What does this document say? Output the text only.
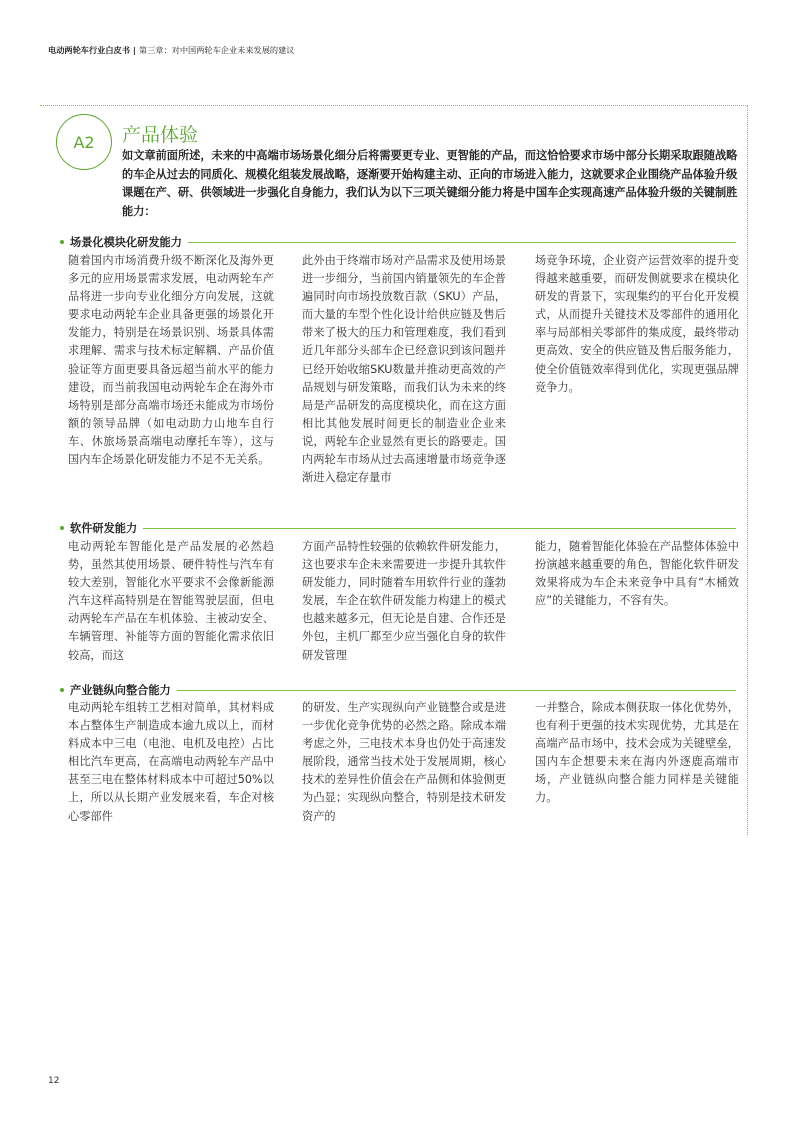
电动两轮车行业白皮书 | 第三章：对中国两轮车企业未来发展的建议
A2 产品体验

如文章前面所述，未来的中高端市场场景化细分后将需要更专业、更智能的产品，而这恰恰要求市场中部分长期采取跟随战略的车企从过去的同质化、规模化组装发展战略，逐渐要开始构建主动、正向的市场进入能力，这就要求企业围绕产品体验升级课题在产、研、供领域进一步强化自身能力，我们认为以下三项关键细分能力将是中国车企实现高速产品体验升级的关键制胜能力：

场景化模块化研发能力

随着国内市场消费升级不断深化及海外更多元的应用场景需求发展，电动两轮车产品将进一步向专业化细分方向发展，这就要求电动两轮车企业具备更强的场景化开发能力，特别是在场景识别、场景具体需求理解、需求与技术标定解耦、产品价值验证等方面更要具备远超当前水平的能力建设，而当前我国电动两轮车企在海外市场特别是部分高端市场还未能成为市场份额的领导品牌（如电动助力山地车自行车、休旅场景高端电动摩托车等），这与国内车企场景化研发能力不足不无关系。

此外由于终端市场对产品需求及使用场景进一步细分，当前国内销量领先的车企普遍同时向市场投放数百款（SKU）产品，而大量的车型个性化设计给供应链及售后带来了极大的压力和管理难度，我们看到近几年部分头部车企已经意识到该问题并已经开始收缩SKU数量并推动更高效的产品规划与研发策略，而我们认为未来的终局是产品研发的高度模块化，而在这方面相比其他发展时间更长的制造业企业来说，两轮车企业显然有更长的路要走。国内两轮车市场从过去高速增量市场竞争逐渐进入稳定存量市

场竞争环境，企业资产运营效率的提升变得越来越重要，而研发侧就要求在模块化研发的背景下，实现集约的平台化开发模式，从而提升关键技术及零部件的通用化率与局部相关零部件的集成度，最终带动更高效、安全的供应链及售后服务能力，使全价值链效率得到优化，实现更强品牌竞争力。

软件研发能力

电动两轮车智能化是产品发展的必然趋势，虽然其使用场景、硬件特性与汽车有较大差别，智能化水平要求不会像新能源汽车这样高特别是在智能驾驶层面，但电动两轮车产品在车机体验、主被动安全、车辆管理、补能等方面的智能化需求依旧较高，而这

方面产品特性较强的依赖软件研发能力，这也要求车企未来需要进一步提升其软件研发能力，同时随着车用软件行业的蓬勃发展，车企在软件研发能力构建上的模式也越来越多元，但无论是自建、合作还是外包，主机厂都至少应当强化自身的软件研发管理

能力，随着智能化体验在产品整体体验中扮演越来越重要的角色，智能化软件研发效果将成为车企未来竞争中具有“木桶效应”的关键能力，不容有失。

产业链纵向整合能力

电动两轮车组转工艺相对简单，其材料成本占整体生产制造成本逾九成以上，而材料成本中三电（电池、电机及电控）占比相比汽车更高，在高端电动两轮车产品中甚至三电在整体材料成本中可超过50%以上，所以从长期产业发展来看，车企对核心零部件

的研发、生产实现纵向产业链整合或是进一步优化竞争优势的必然之路。除成本端考虑之外，三电技术本身也仍处于高速发展阶段，通常当技术处于发展周期，核心技术的差异性价值会在产品侧和体验侧更为凸显；实现纵向整合，特别是技术研发资产的

一并整合，除成本侧获取一体化优势外，也有利于更强的技术实现优势，尤其是在高端产品市场中，技术会成为关键壁垒，国内车企想要未来在海内外逐鹿高端市场，产业链纵向整合能力同样是关键能力。

12
